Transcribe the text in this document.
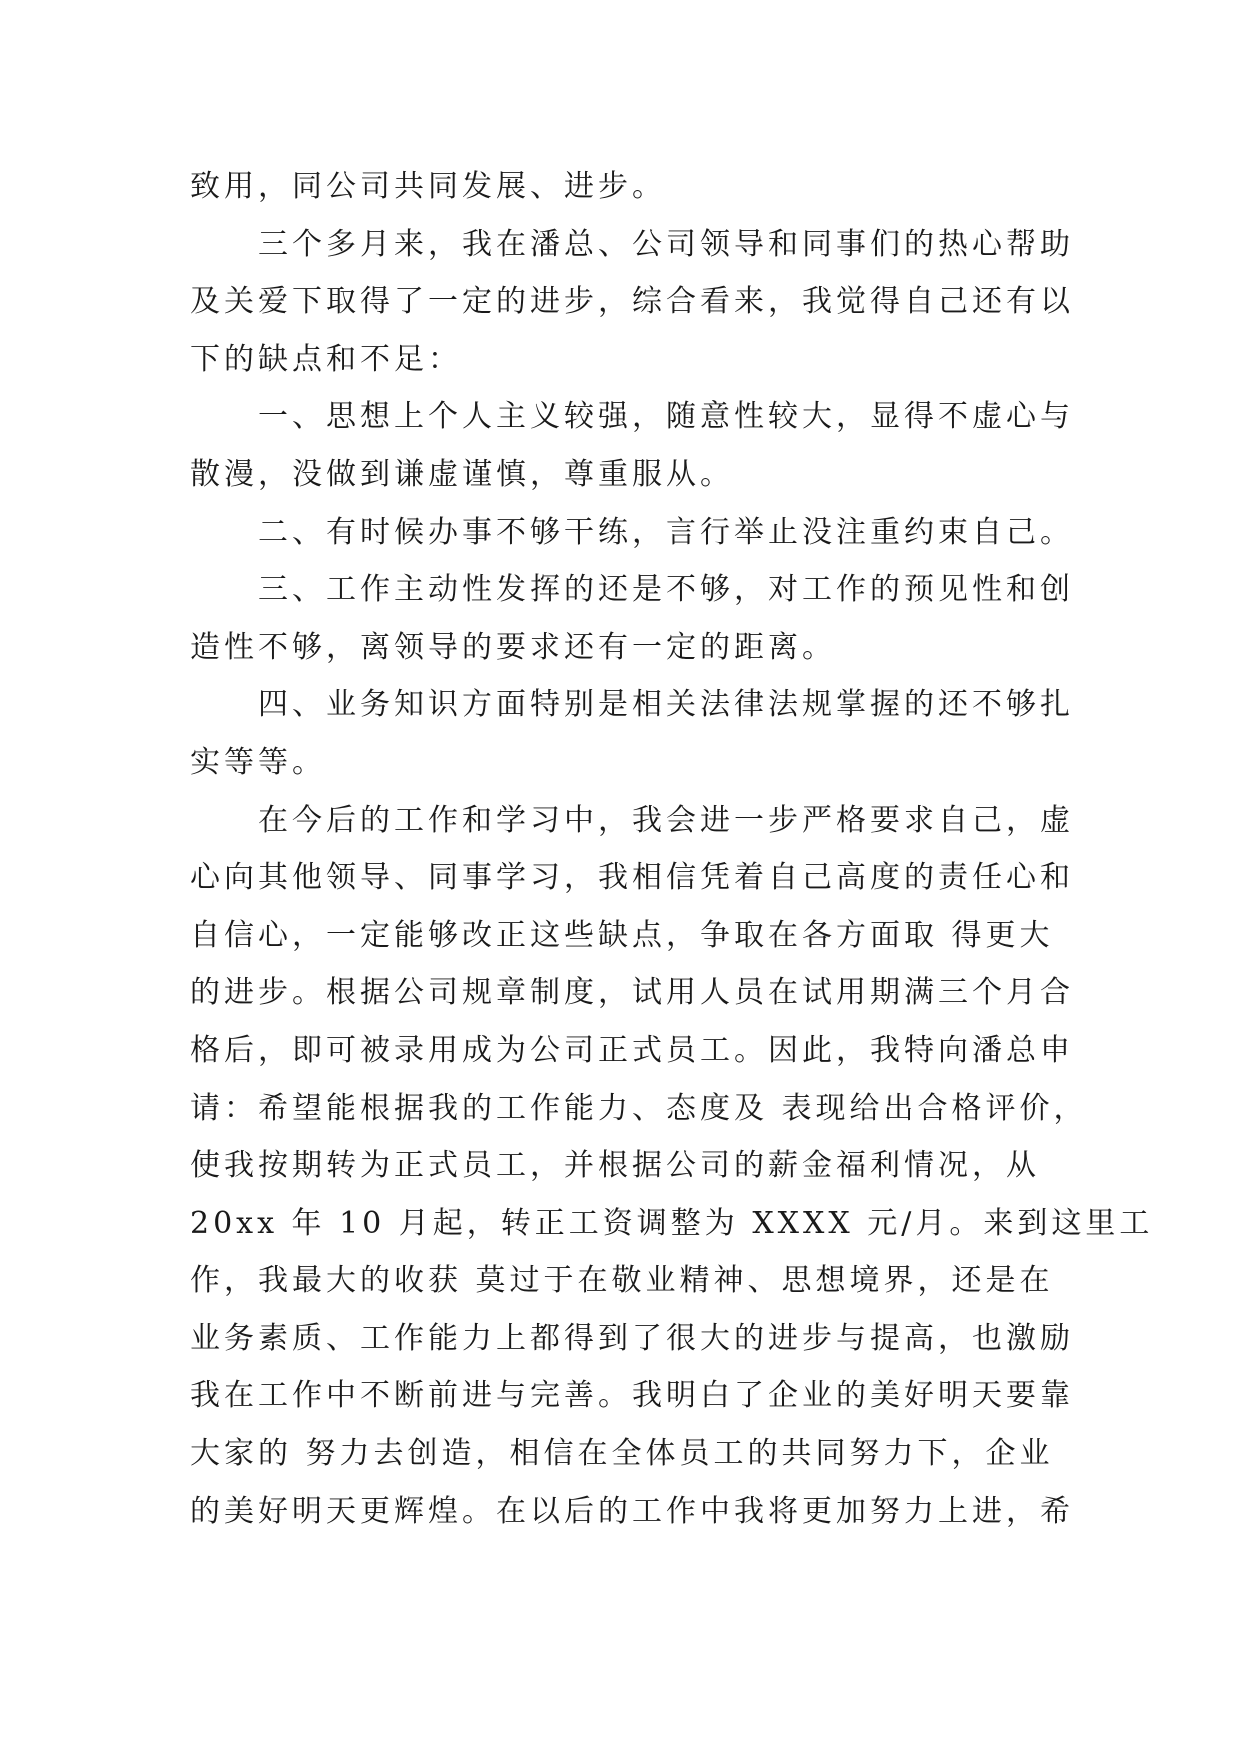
致用，同公司共同发展、进步。
三个多月来，我在潘总、公司领导和同事们的热心帮助
及关爱下取得了一定的进步，综合看来，我觉得自己还有以
下的缺点和不足：
一、思想上个人主义较强，随意性较大，显得不虚心与
散漫，没做到谦虚谨慎，尊重服从。
二、有时候办事不够干练，言行举止没注重约束自己。
三、工作主动性发挥的还是不够，对工作的预见性和创
造性不够，离领导的要求还有一定的距离。
四、业务知识方面特别是相关法律法规掌握的还不够扎
实等等。
在今后的工作和学习中，我会进一步严格要求自己，虚
心向其他领导、同事学习，我相信凭着自己高度的责任心和
自信心，一定能够改正这些缺点，争取在各方面取 得更大
的进步。根据公司规章制度，试用人员在试用期满三个月合
格后，即可被录用成为公司正式员工。因此，我特向潘总申
请：希望能根据我的工作能力、态度及 表现给出合格评价，
使我按期转为正式员工，并根据公司的薪金福利情况，从
20xx 年 10 月起，转正工资调整为 XXXX 元/月。来到这里工
作，我最大的收获 莫过于在敬业精神、思想境界，还是在
业务素质、工作能力上都得到了很大的进步与提高，也激励
我在工作中不断前进与完善。我明白了企业的美好明天要靠
大家的 努力去创造，相信在全体员工的共同努力下，企业
的美好明天更辉煌。在以后的工作中我将更加努力上进，希
